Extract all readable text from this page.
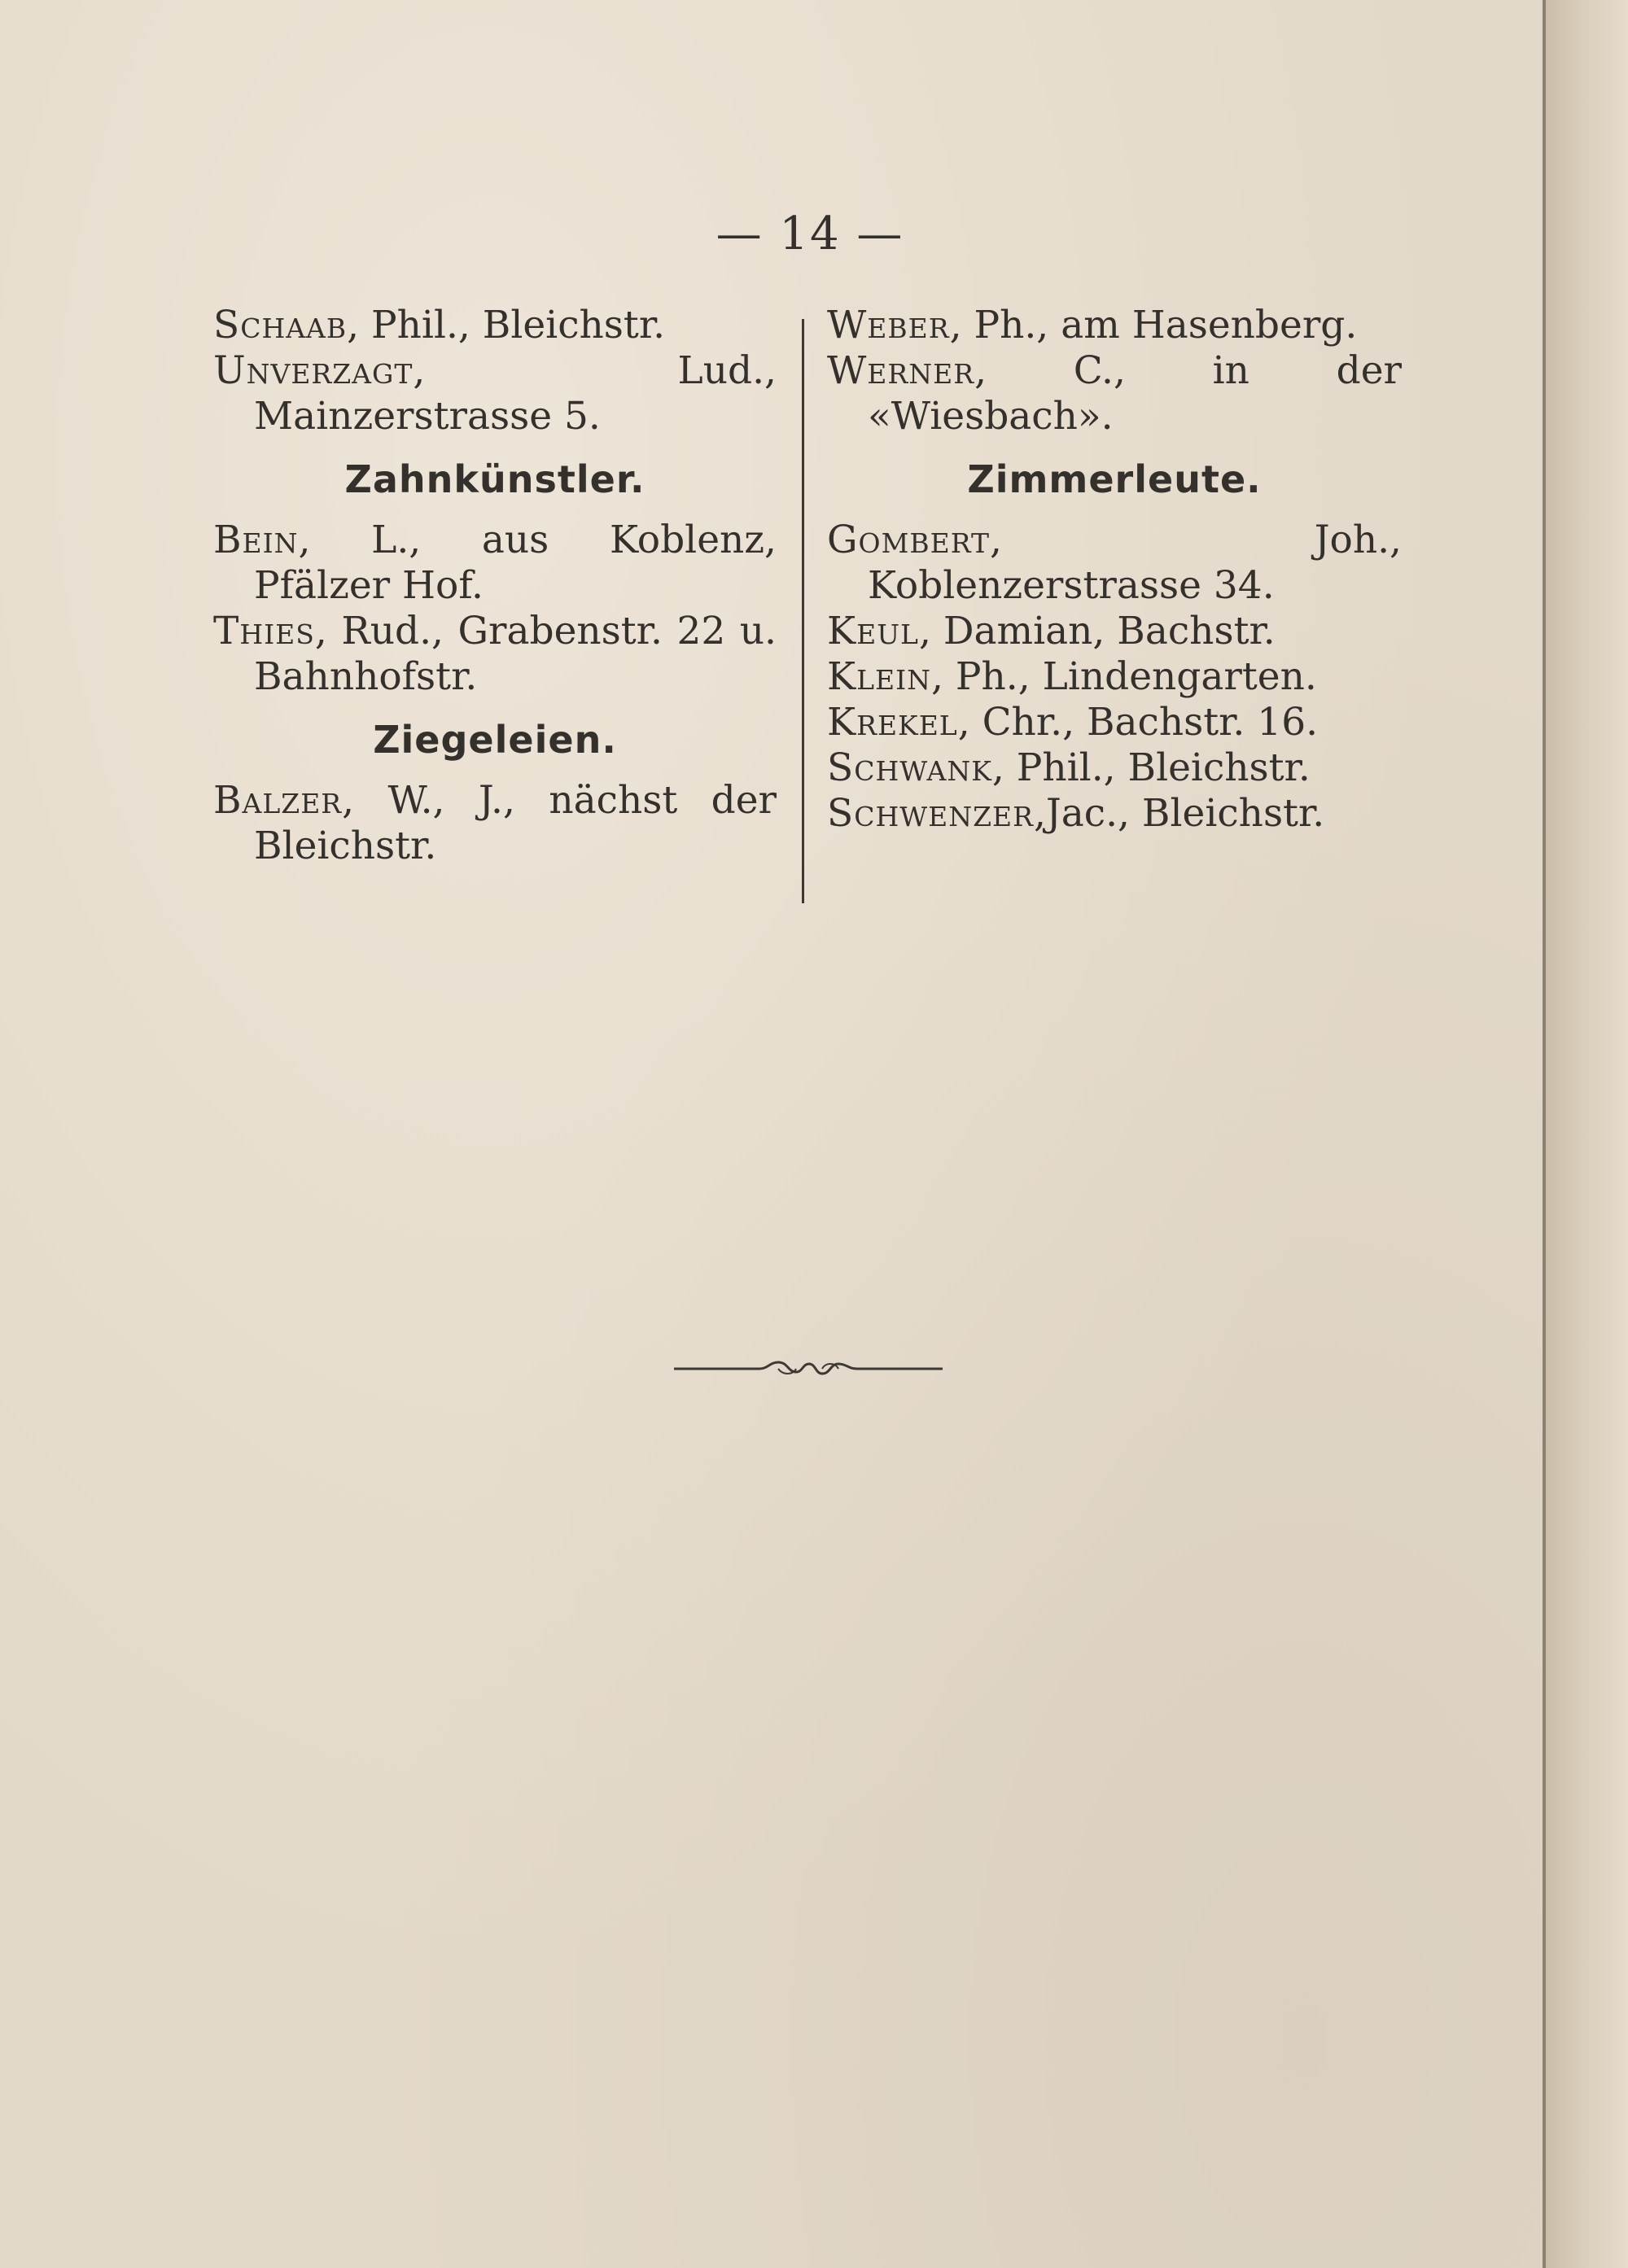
— 14 —

Schaab, Phil., Bleichstr.

Unverzagt, Lud., Mainzerstrasse 5.

Zahnkünstler.

Bein, L., aus Koblenz, Pfälzer Hof.

Thies, Rud., Grabenstr. 22 u. Bahnhofstr.

Ziegeleien.

Balzer, W., J., nächst der Bleichstr.

Weber, Ph., am Hasenberg.

Werner, C., in der «Wiesbach».

Zimmerleute.

Gombert, Joh., Koblenzerstrasse 34.

Keul, Damian, Bachstr.

Klein, Ph., Lindengarten.

Krekel, Chr., Bachstr. 16.

Schwank, Phil., Bleichstr.

Schwenzer,Jac., Bleichstr.
